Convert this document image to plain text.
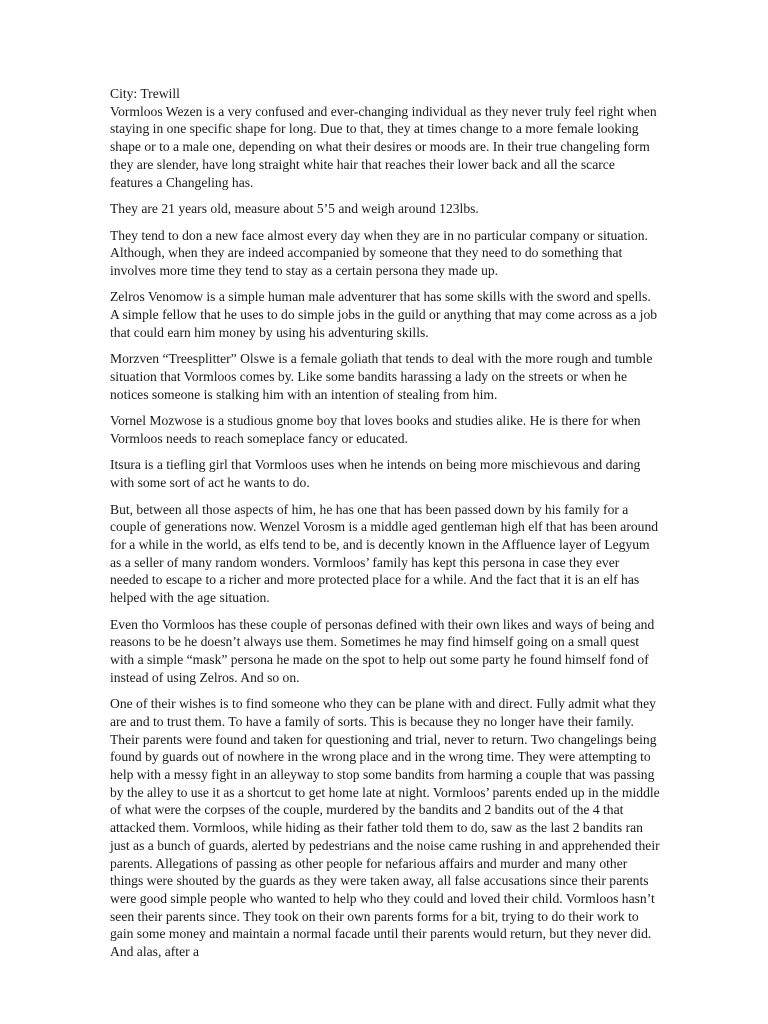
City: Trewill

Vormloos Wezen is a very confused and ever-changing individual as they never truly feel right when staying in one specific shape for long. Due to that, they at times change to a more female looking shape or to a male one, depending on what their desires or moods are. In their true changeling form they are slender, have long straight white hair that reaches their lower back and all the scarce features a Changeling has.

They are 21 years old, measure about 5’5 and weigh around 123lbs.

They tend to don a new face almost every day when they are in no particular company or situation. Although, when they are indeed accompanied by someone that they need to do something that involves more time they tend to stay as a certain persona they made up.

Zelros Venomow is a simple human male adventurer that has some skills with the sword and spells. A simple fellow that he uses to do simple jobs in the guild or anything that may come across as a job that could earn him money by using his adventuring skills.

Morzven “Treesplitter” Olswe is a female goliath that tends to deal with the more rough and tumble situation that Vormloos comes by. Like some bandits harassing a lady on the streets or when he notices someone is stalking him with an intention of stealing from him.

Vornel Mozwose is a studious gnome boy that loves books and studies alike. He is there for when Vormloos needs to reach someplace fancy or educated.

Itsura is a tiefling girl that Vormloos uses when he intends on being more mischievous and daring with some sort of act he wants to do.

But, between all those aspects of him, he has one that has been passed down by his family for a couple of generations now. Wenzel Vorosm is a middle aged gentleman high elf that has been around for a while in the world, as elfs tend to be, and is decently known in the Affluence layer of Legyum as a seller of many random wonders. Vormloos’ family has kept this persona in case they ever needed to escape to a richer and more protected place for a while. And the fact that it is an elf has helped with the age situation.

Even tho Vormloos has these couple of personas defined with their own likes and ways of being and reasons to be he doesn’t always use them. Sometimes he may find himself going on a small quest with a simple “mask” persona he made on the spot to help out some party he found himself fond of instead of using Zelros. And so on.

One of their wishes is to find someone who they can be plane with and direct. Fully admit what they are and to trust them. To have a family of sorts. This is because they no longer have their family. Their parents were found and taken for questioning and trial, never to return. Two changelings being found by guards out of nowhere in the wrong place and in the wrong time. They were attempting to help with a messy fight in an alleyway to stop some bandits from harming a couple that was passing by the alley to use it as a shortcut to get home late at night. Vormloos’ parents ended up in the middle of what were the corpses of the couple, murdered by the bandits and 2 bandits out of the 4 that attacked them. Vormloos, while hiding as their father told them to do, saw as the last 2 bandits ran just as a bunch of guards, alerted by pedestrians and the noise came rushing in and apprehended their parents. Allegations of passing as other people for nefarious affairs and murder and many other things were shouted by the guards as they were taken away, all false accusations since their parents were good simple people who wanted to help who they could and loved their child. Vormloos hasn’t seen their parents since. They took on their own parents forms for a bit, trying to do their work to gain some money and maintain a normal facade until their parents would return, but they never did. And alas, after a
